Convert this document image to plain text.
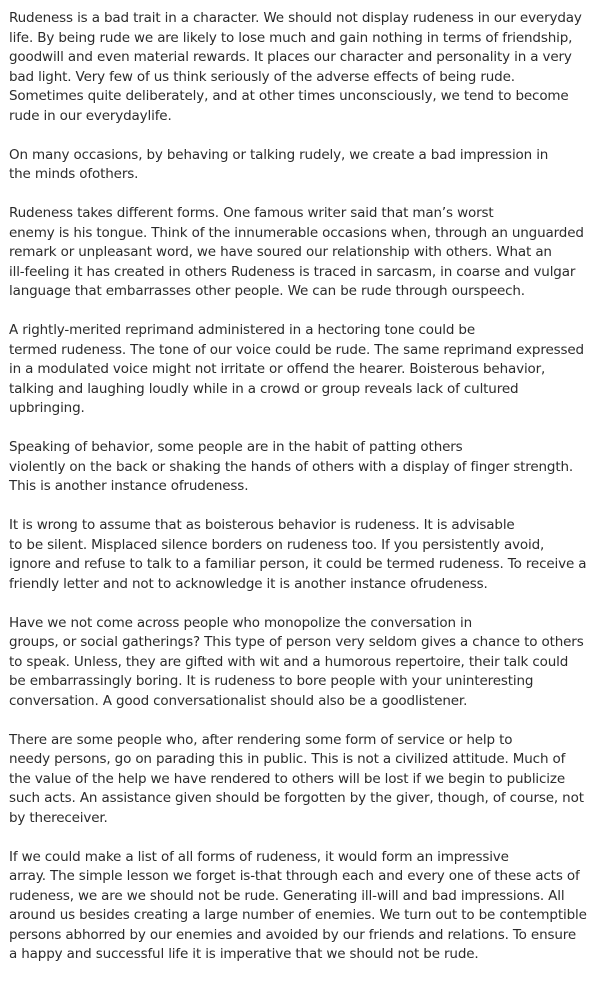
Rudeness is a bad trait in a character. We should not display rudeness in our everyday
life. By being rude we are likely to lose much and gain nothing in terms of friendship,
goodwill and even material rewards. It places our character and personality in a very
bad light. Very few of us think seriously of the adverse effects of being rude.
Sometimes quite deliberately, and at other times unconsciously, we tend to become
rude in our everydaylife.

On many occasions, by behaving or talking rudely, we create a bad impression in
the minds ofothers.

Rudeness takes different forms. One famous writer said that man’s worst
enemy is his tongue. Think of the innumerable occasions when, through an unguarded
remark or unpleasant word, we have soured our relationship with others. What an
ill-feeling it has created in others Rudeness is traced in sarcasm, in coarse and vulgar
language that embarrasses other people. We can be rude through ourspeech.

A rightly-merited reprimand administered in a hectoring tone could be
termed rudeness. The tone of our voice could be rude. The same reprimand expressed
in a modulated voice might not irritate or offend the hearer. Boisterous behavior,
talking and laughing loudly while in a crowd or group reveals lack of cultured
upbringing.

Speaking of behavior, some people are in the habit of patting others
violently on the back or shaking the hands of others with a display of finger strength.
This is another instance ofrudeness.

It is wrong to assume that as boisterous behavior is rudeness. It is advisable
to be silent. Misplaced silence borders on rudeness too. If you persistently avoid,
ignore and refuse to talk to a familiar person, it could be termed rudeness. To receive a
friendly letter and not to acknowledge it is another instance ofrudeness.

Have we not come across people who monopolize the conversation in
groups, or social gatherings? This type of person very seldom gives a chance to others
to speak. Unless, they are gifted with wit and a humorous repertoire, their talk could
be embarrassingly boring. It is rudeness to bore people with your uninteresting
conversation. A good conversationalist should also be a goodlistener.

There are some people who, after rendering some form of service or help to
needy persons, go on parading this in public. This is not a civilized attitude. Much of
the value of the help we have rendered to others will be lost if we begin to publicize
such acts. An assistance given should be forgotten by the giver, though, of course, not
by thereceiver.

If we could make a list of all forms of rudeness, it would form an impressive
array. The simple lesson we forget is-that through each and every one of these acts of
rudeness, we are we should not be rude. Generating ill-will and bad impressions. All
around us besides creating a large number of enemies. We turn out to be contemptible
persons abhorred by our enemies and avoided by our friends and relations. To ensure
a happy and successful life it is imperative that we should not be rude.
